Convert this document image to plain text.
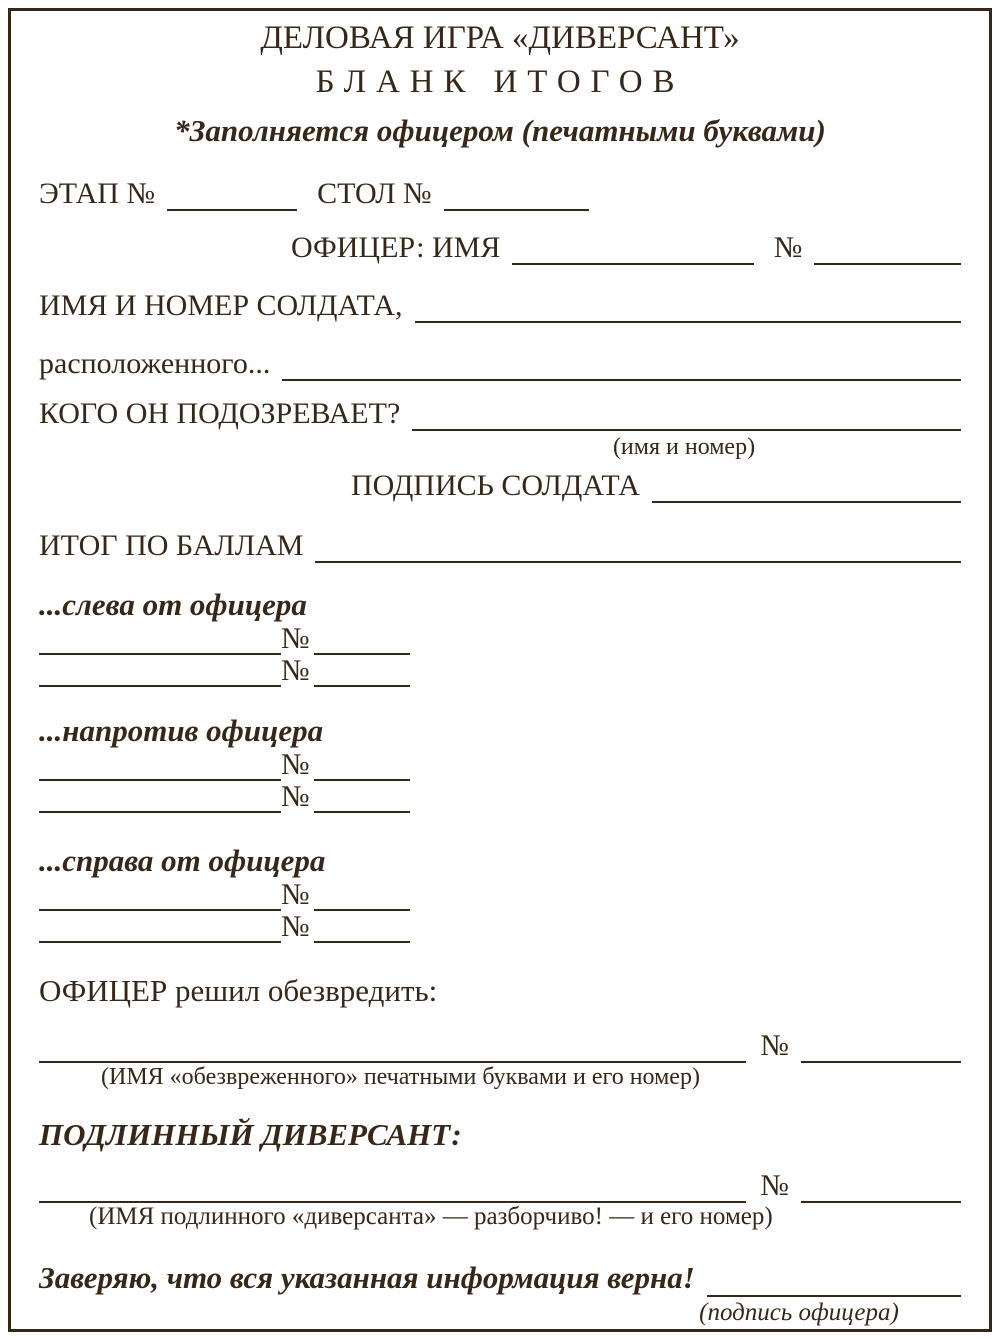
ДЕЛОВАЯ ИГРА «ДИВЕРСАНТ»
БЛАНК ИТОГОВ
*Заполняется офицером (печатными буквами)
ЭТАП №	СТОЛ №
ОФИЦЕР: ИМЯ	№
ИМЯ И НОМЕР СОЛДАТА,
расположенного...
КОГО ОН ПОДОЗРЕВАЕТ?
(имя и номер)
ПОДПИСЬ СОЛДАТА
ИТОГ ПО БАЛЛАМ
...слева от офицера
№
№
...напротив офицера
№
№
...справа от офицера
№
№
ОФИЦЕР решил обезвредить:
№
(ИМЯ «обезвреженного» печатными буквами и его номер)
ПОДЛИННЫЙ ДИВЕРСАНТ:
№
(ИМЯ подлинного «диверсанта» — разборчиво! — и его номер)
Заверяю, что вся указанная информация верна!
(подпись офицера)
